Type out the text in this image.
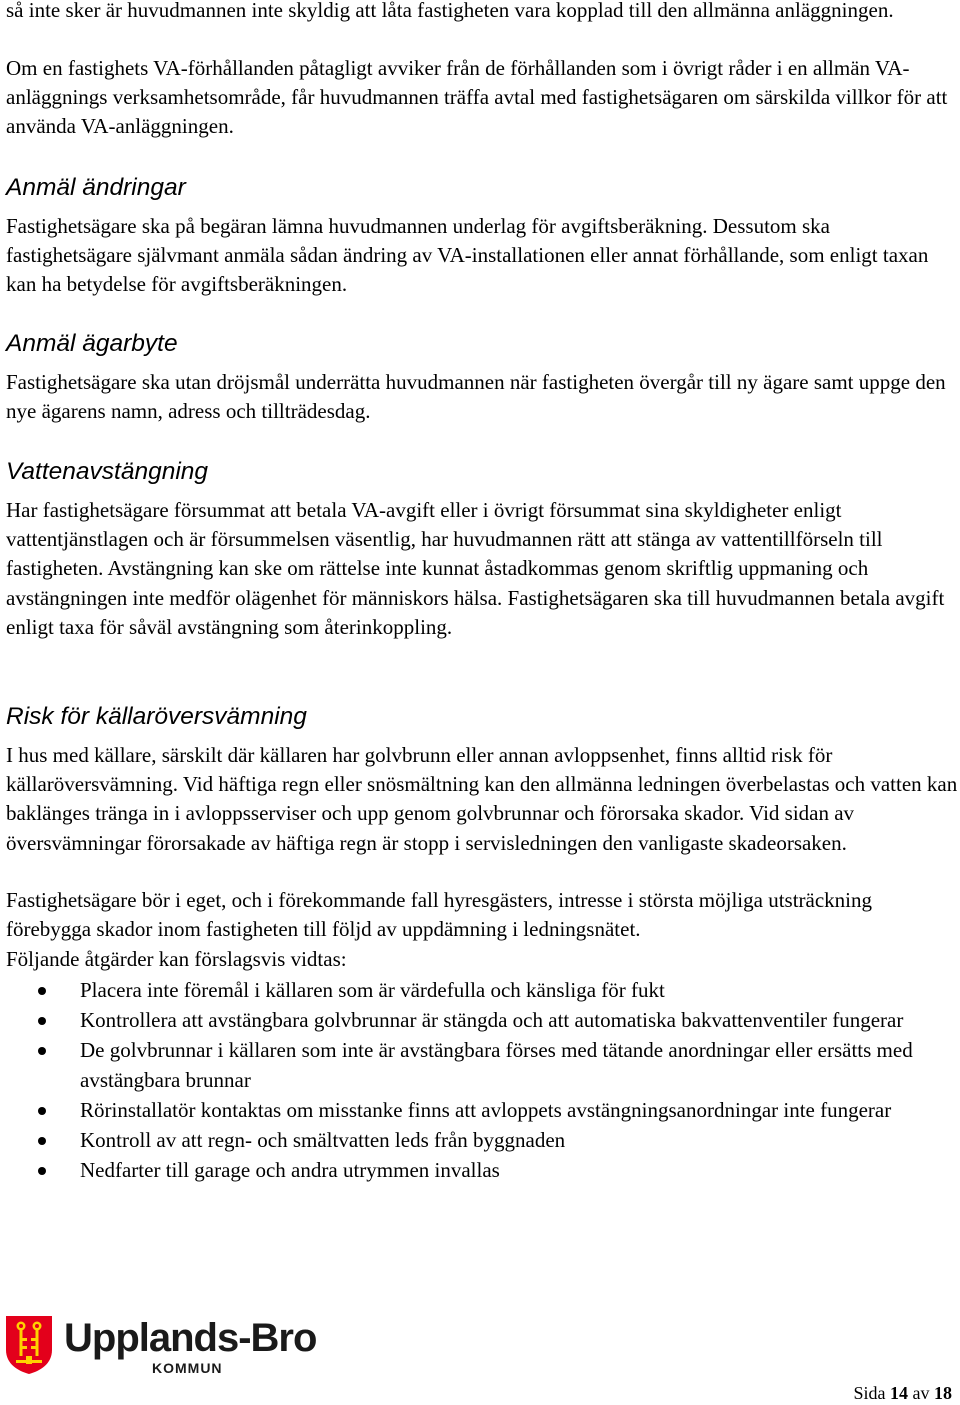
så inte sker är huvudmannen inte skyldig att låta fastigheten vara kopplad till den allmänna anläggningen.

Om en fastighets VA-förhållanden påtagligt avviker från de förhållanden som i övrigt råder i en allmän VA-anläggnings verksamhetsområde, får huvudmannen träffa avtal med fastighetsägaren om särskilda villkor för att använda VA-anläggningen.

Anmäl ändringar

Fastighetsägare ska på begäran lämna huvudmannen underlag för avgiftsberäkning. Dessutom ska fastighetsägare självmant anmäla sådan ändring av VA-installationen eller annat förhållande, som enligt taxan kan ha betydelse för avgiftsberäkningen.

Anmäl ägarbyte

Fastighetsägare ska utan dröjsmål underrätta huvudmannen när fastigheten övergår till ny ägare samt uppge den nye ägarens namn, adress och tillträdesdag.

Vattenavstängning

Har fastighetsägare försummat att betala VA-avgift eller i övrigt försummat sina skyldigheter enligt vattentjänstlagen och är försummelsen väsentlig, har huvudmannen rätt att stänga av vattentillförseln till fastigheten. Avstängning kan ske om rättelse inte kunnat åstadkommas genom skriftlig uppmaning och avstängningen inte medför olägenhet för människors hälsa. Fastighetsägaren ska till huvudmannen betala avgift enligt taxa för såväl avstängning som återinkoppling.

Risk för källaröversvämning

I hus med källare, särskilt där källaren har golvbrunn eller annan avloppsenhet, finns alltid risk för källaröversvämning. Vid häftiga regn eller snösmältning kan den allmänna ledningen överbelastas och vatten kan baklänges tränga in i avloppsserviser och upp genom golvbrunnar och förorsaka skador. Vid sidan av översvämningar förorsakade av häftiga regn är stopp i servisledningen den vanligaste skadeorsaken.

Fastighetsägare bör i eget, och i förekommande fall hyresgästers, intresse i största möjliga utsträckning förebygga skador inom fastigheten till följd av uppdämning i ledningsnätet.

Följande åtgärder kan förslagsvis vidtas:

Placera inte föremål i källaren som är värdefulla och känsliga för fukt
Kontrollera att avstängbara golvbrunnar är stängda och att automatiska bakvattenventiler fungerar
De golvbrunnar i källaren som inte är avstängbara förses med tätande anordningar eller ersätts med avstängbara brunnar
Rörinstallatör kontaktas om misstanke finns att avloppets avstängningsanordningar inte fungerar
Kontroll av att regn- och smältvatten leds från byggnaden
Nedfarter till garage och andra utrymmen invallas
Upplands-Bro
KOMMUN
Sida 14 av 18
